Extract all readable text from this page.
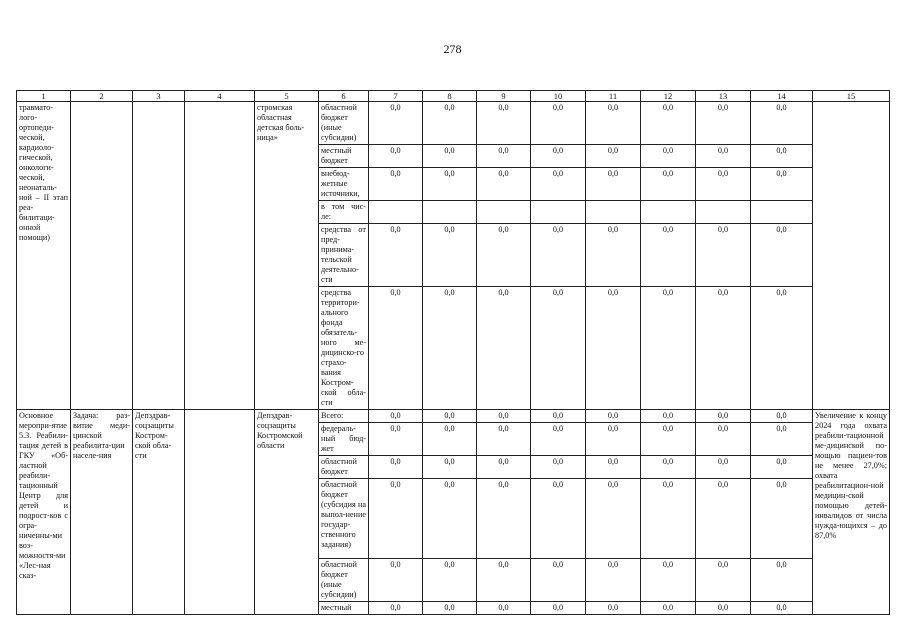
278
1	2	3	4	5	6	7	8	9	10	11	12	13	14	15
травмато-лого-ортопеди-ческой, кардиоло-гической, онкологи-ческой, неонаталь-ной – II этап реа-билитаци-онной помощи)				стромская областная детская боль-ница»	областной бюджет (иные субсидии)	0,0	0,0	0,0	0,0	0,0	0,0	0,0	0,0	
					местный бюджет	0,0	0,0	0,0	0,0	0,0	0,0	0,0	0,0	
					внебюд-жетные источники,	0,0	0,0	0,0	0,0	0,0	0,0	0,0	0,0	
					в том чис-ле:									
					средства от пред-принима-тельской деятельно-сти	0,0	0,0	0,0	0,0	0,0	0,0	0,0	0,0	
					средства территори-ального фонда обязатель-ного ме-дицинско-го страхо-вания Костром-ской обла-сти	0,0	0,0	0,0	0,0	0,0	0,0	0,0	0,0	
Основное меропри-ятие 5.3. Реабили-тация детей в ГКУ «Об-ластной реабили-тационный Центр для детей и подрост-ков с огра-ниченны-ми воз-можностя-ми «Лес-ная сказ-	Задача: раз-витие меди-цинской реабилита-ции населе-ния	Депздрав-соцзащиты Костром-ской обла-сти		Депздрав-соцзащиты Костромской области	Всего:	0,0	0,0	0,0	0,0	0,0	0,0	0,0	0,0	Увеличение к концу 2024 года охвата реабили-тационной ме-дицинской по-мощью пациен-тов не менее 27,0%; охвата реабилитацион-ной медицин-ской помощью детей-инвалидов от числа нужда-ющихся – до 87,0%
					федераль-ный бюд-жет	0,0	0,0	0,0	0,0	0,0	0,0	0,0	0,0	
					областной бюджет	0,0	0,0	0,0	0,0	0,0	0,0	0,0	0,0	
					областной бюджет (субсидия на выпол-нение государ-ственного задания)	0,0	0,0	0,0	0,0	0,0	0,0	0,0	0,0	
					областной бюджет (иные субсидии)	0,0	0,0	0,0	0,0	0,0	0,0	0,0	0,0	
					местный	0,0	0,0	0,0	0,0	0,0	0,0	0,0	0,0	
